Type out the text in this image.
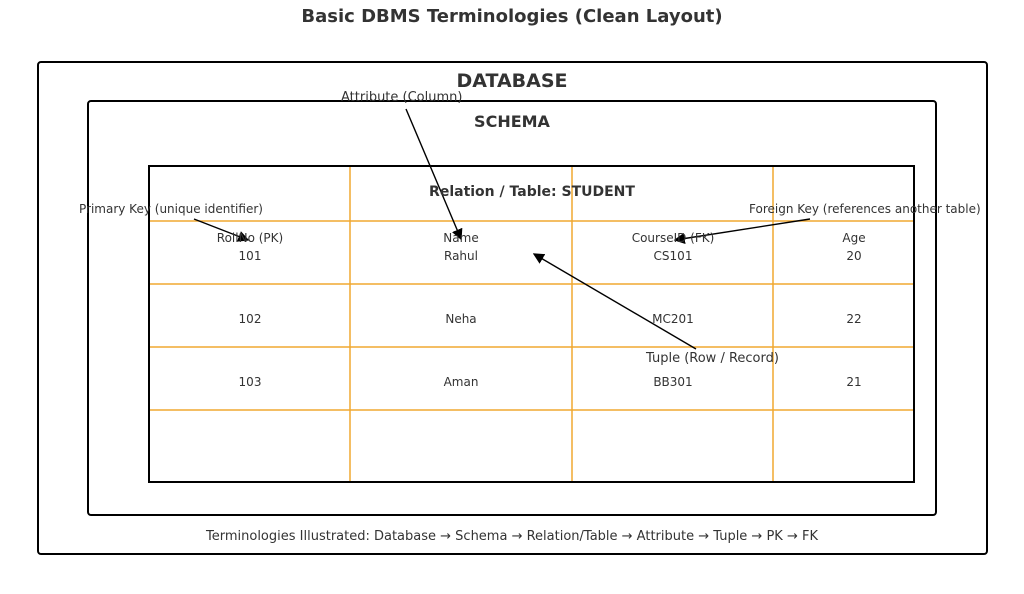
Basic DBMS Terminologies (Clean Layout)
DATABASE
SCHEMA
Relation / Table: STUDENT
RollNo (PK)	Name	CourseID (FK)	Age
101	Rahul	CS101	20
102	Neha	MC201	22
103	Aman	BB301	21
Attribute (Column)
Primary Key (unique identifier)	Foreign Key (references another table)
Tuple (Row / Record)
Terminologies Illustrated: Database → Schema → Relation/Table → Attribute → Tuple → PK → FK
